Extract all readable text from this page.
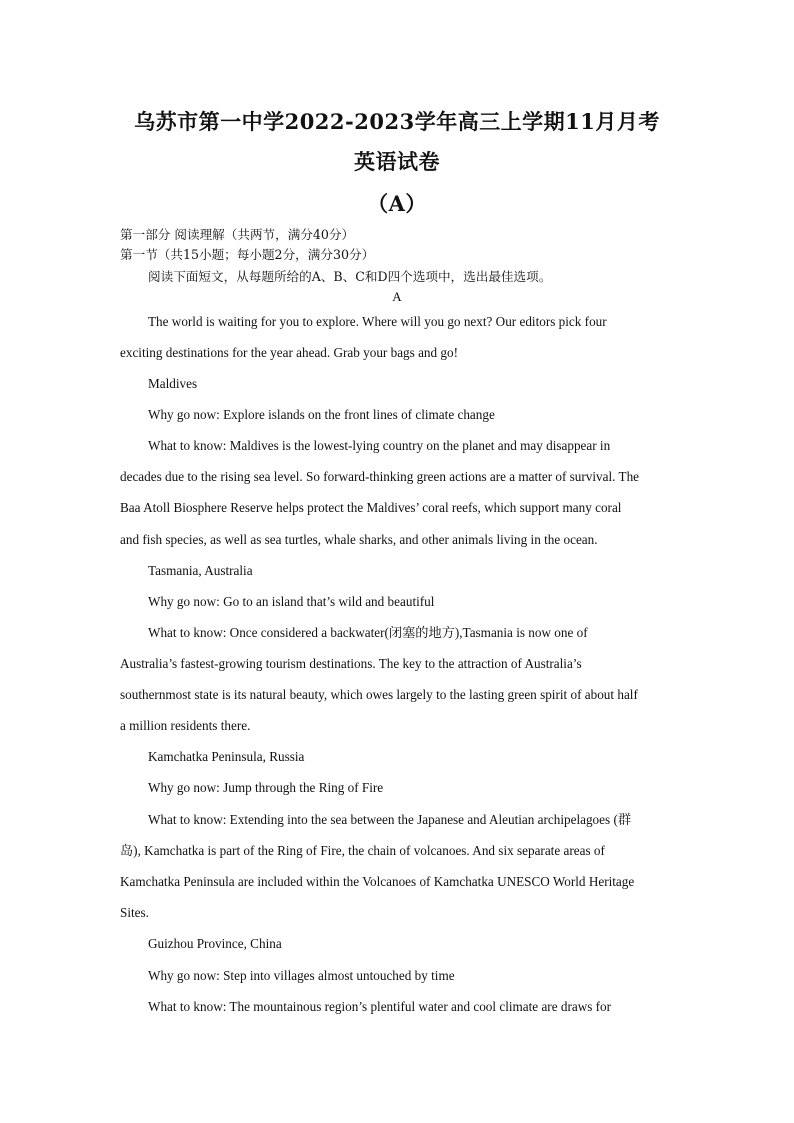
乌苏市第一中学2022-2023学年高三上学期11月月考
英语试卷
（A）
第一部分 阅读理解（共两节，满分40分）
第一节（共15小题；每小题2分，满分30分）
阅读下面短文，从每题所给的A、B、C和D四个选项中，选出最佳选项。
A
The world is waiting for you to explore. Where will you go next? Our editors pick four
exciting destinations for the year ahead. Grab your bags and go!
Maldives
Why go now: Explore islands on the front lines of climate change
What to know: Maldives is the lowest-lying country on the planet and may disappear in
decades due to the rising sea level. So forward-thinking green actions are a matter of survival. The
Baa Atoll Biosphere Reserve helps protect the Maldives’ coral reefs, which support many coral
and fish species, as well as sea turtles, whale sharks, and other animals living in the ocean.
Tasmania, Australia
Why go now: Go to an island that’s wild and beautiful
What to know: Once considered a backwater(闭塞的地方),Tasmania is now one of
Australia’s fastest-growing tourism destinations. The key to the attraction of Australia’s
southernmost state is its natural beauty, which owes largely to the lasting green spirit of about half
a million residents there.
Kamchatka Peninsula, Russia
Why go now: Jump through the Ring of Fire
What to know: Extending into the sea between the Japanese and Aleutian archipelagoes (群
岛), Kamchatka is part of the Ring of Fire, the chain of volcanoes. And six separate areas of
Kamchatka Peninsula are included within the Volcanoes of Kamchatka UNESCO World Heritage
Sites.
Guizhou Province, China
Why go now: Step into villages almost untouched by time
What to know: The mountainous region’s plentiful water and cool climate are draws for
